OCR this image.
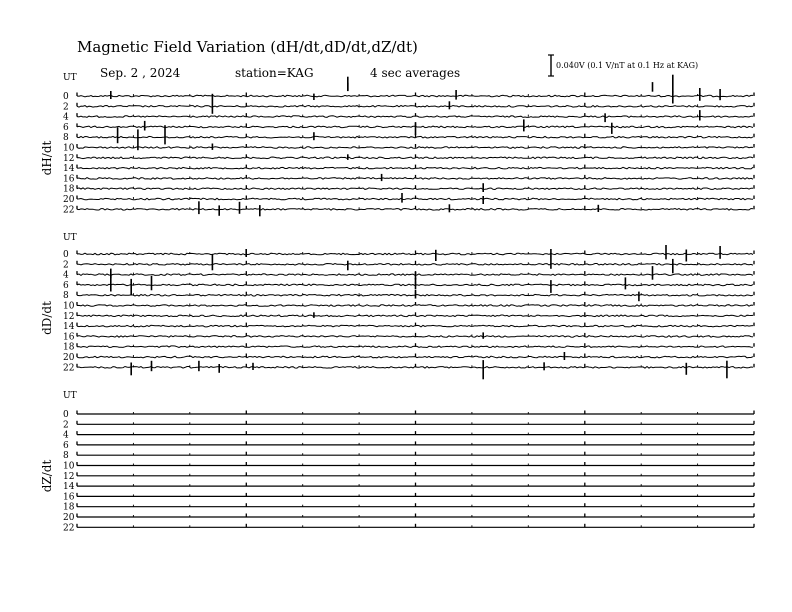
Magnetic Field Variation (dH/dt,dD/dt,dZ/dt)
Sep. 2 , 2024	station=KAG	4 sec averages
0.040V (0.1 V/nT at 0.1 Hz at KAG)
UT
dH/dt
0
2
4
6
8
10
12
14
16
18
20
22
UT
dD/dt
0
2
4
6
8
10
12
14
16
18
20
22
UT
dZ/dt
0
2
4
6
8
10
12
14
16
18
20
22
